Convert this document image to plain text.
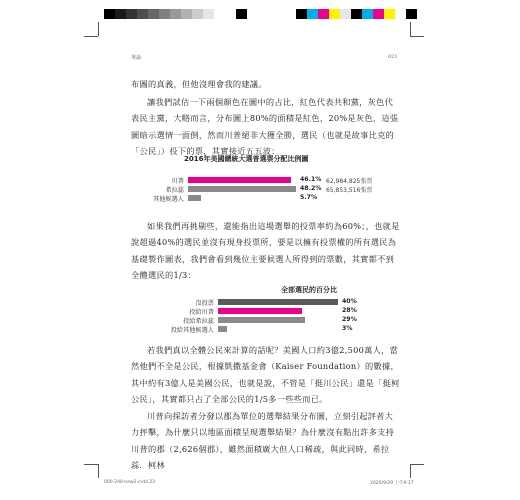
導論	021

布圖的真義，但他沒理會我的建議。

讓我們試估一下兩個顏色在圖中的占比，紅色代表共和黨，灰色代表民主黨，大略而言，分布圖上80%的面積是紅色，20%是灰色，這張圖暗示選情一面倒，然而川普絕非大獲全勝，選民（也就是故事比克的「公民」）投下的票，其實接近五五波：

2016年美國總統大選普選票分配比例圖
川普	46.1% 62,984,825張票
希拉蕊	48.2% 65,853,516張票
其他候選人	5.7%

如果我們再挑剔些，還能指出這場選舉的投票率約為60%；，也就是說超過40%的選民並沒有現身投票所，要是以擁有投票權的所有選民為基礎製作圖表，我們會看到幾位主要候選人所得到的票數，其實都不到全體選民的1/3：

全部選民的百分比
沒投票	40%
投給川普	28%
投給希拉蕊	29%
投給其他候選人	3%

若我們真以全體公民來計算的話呢？美國人口約3億2,500萬人，當然他們不全是公民，根據凱撒基金會（Kaiser Foundation）的數據，其中約有3億人是美國公民，也就是說，不管是「挺川公民」還是「挺柯公民」，其實都只占了全部公民的1/5多一些些而已。

川普向採訪者分發以郡為單位的選舉結果分布圖，立刻引起評者大力抨擊，為什麼只以地區面積呈現選舉結果？為什麼沒有點出許多支持川普的郡（2,626個郡），雖然面積廣大但人口稀疏，與此同時，希拉蕊．柯林

000-240-new2.indd 23	2020/9/29 上午9:17
